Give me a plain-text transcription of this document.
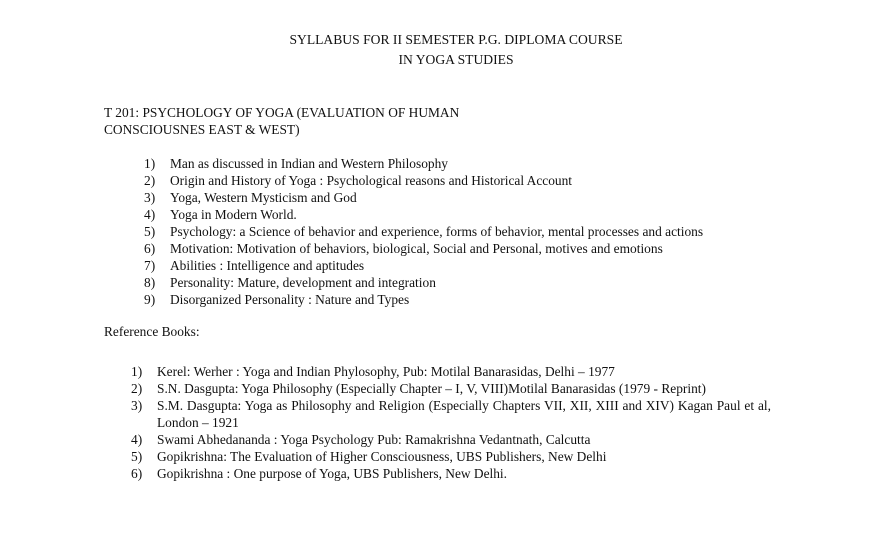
SYLLABUS FOR II SEMESTER P.G. DIPLOMA COURSE
IN YOGA STUDIES
T 201: PSYCHOLOGY OF YOGA (EVALUATION OF HUMAN CONSCIOUSNES EAST & WEST)
1) Man as discussed in Indian and Western Philosophy
2) Origin and History of Yoga : Psychological reasons and Historical Account
3) Yoga, Western Mysticism and God
4) Yoga in Modern World.
5) Psychology: a Science of behavior and experience, forms of behavior, mental processes and actions
6) Motivation: Motivation of behaviors, biological, Social and Personal, motives and emotions
7) Abilities : Intelligence and aptitudes
8) Personality: Mature, development and integration
9) Disorganized Personality : Nature and Types
Reference Books:
1) Kerel: Werher : Yoga and Indian Phylosophy, Pub: Motilal Banarasidas, Delhi – 1977
2) S.N. Dasgupta: Yoga Philosophy (Especially Chapter – I, V, VIII)Motilal Banarasidas (1979 - Reprint)
3) S.M. Dasgupta: Yoga as Philosophy and Religion (Especially Chapters VII, XII, XIII and XIV) Kagan Paul et al, London – 1921
4) Swami Abhedananda : Yoga Psychology Pub: Ramakrishna Vedantnath, Calcutta
5) Gopikrishna: The Evaluation of Higher Consciousness, UBS Publishers, New Delhi
6) Gopikrishna : One purpose of Yoga, UBS Publishers, New Delhi.
